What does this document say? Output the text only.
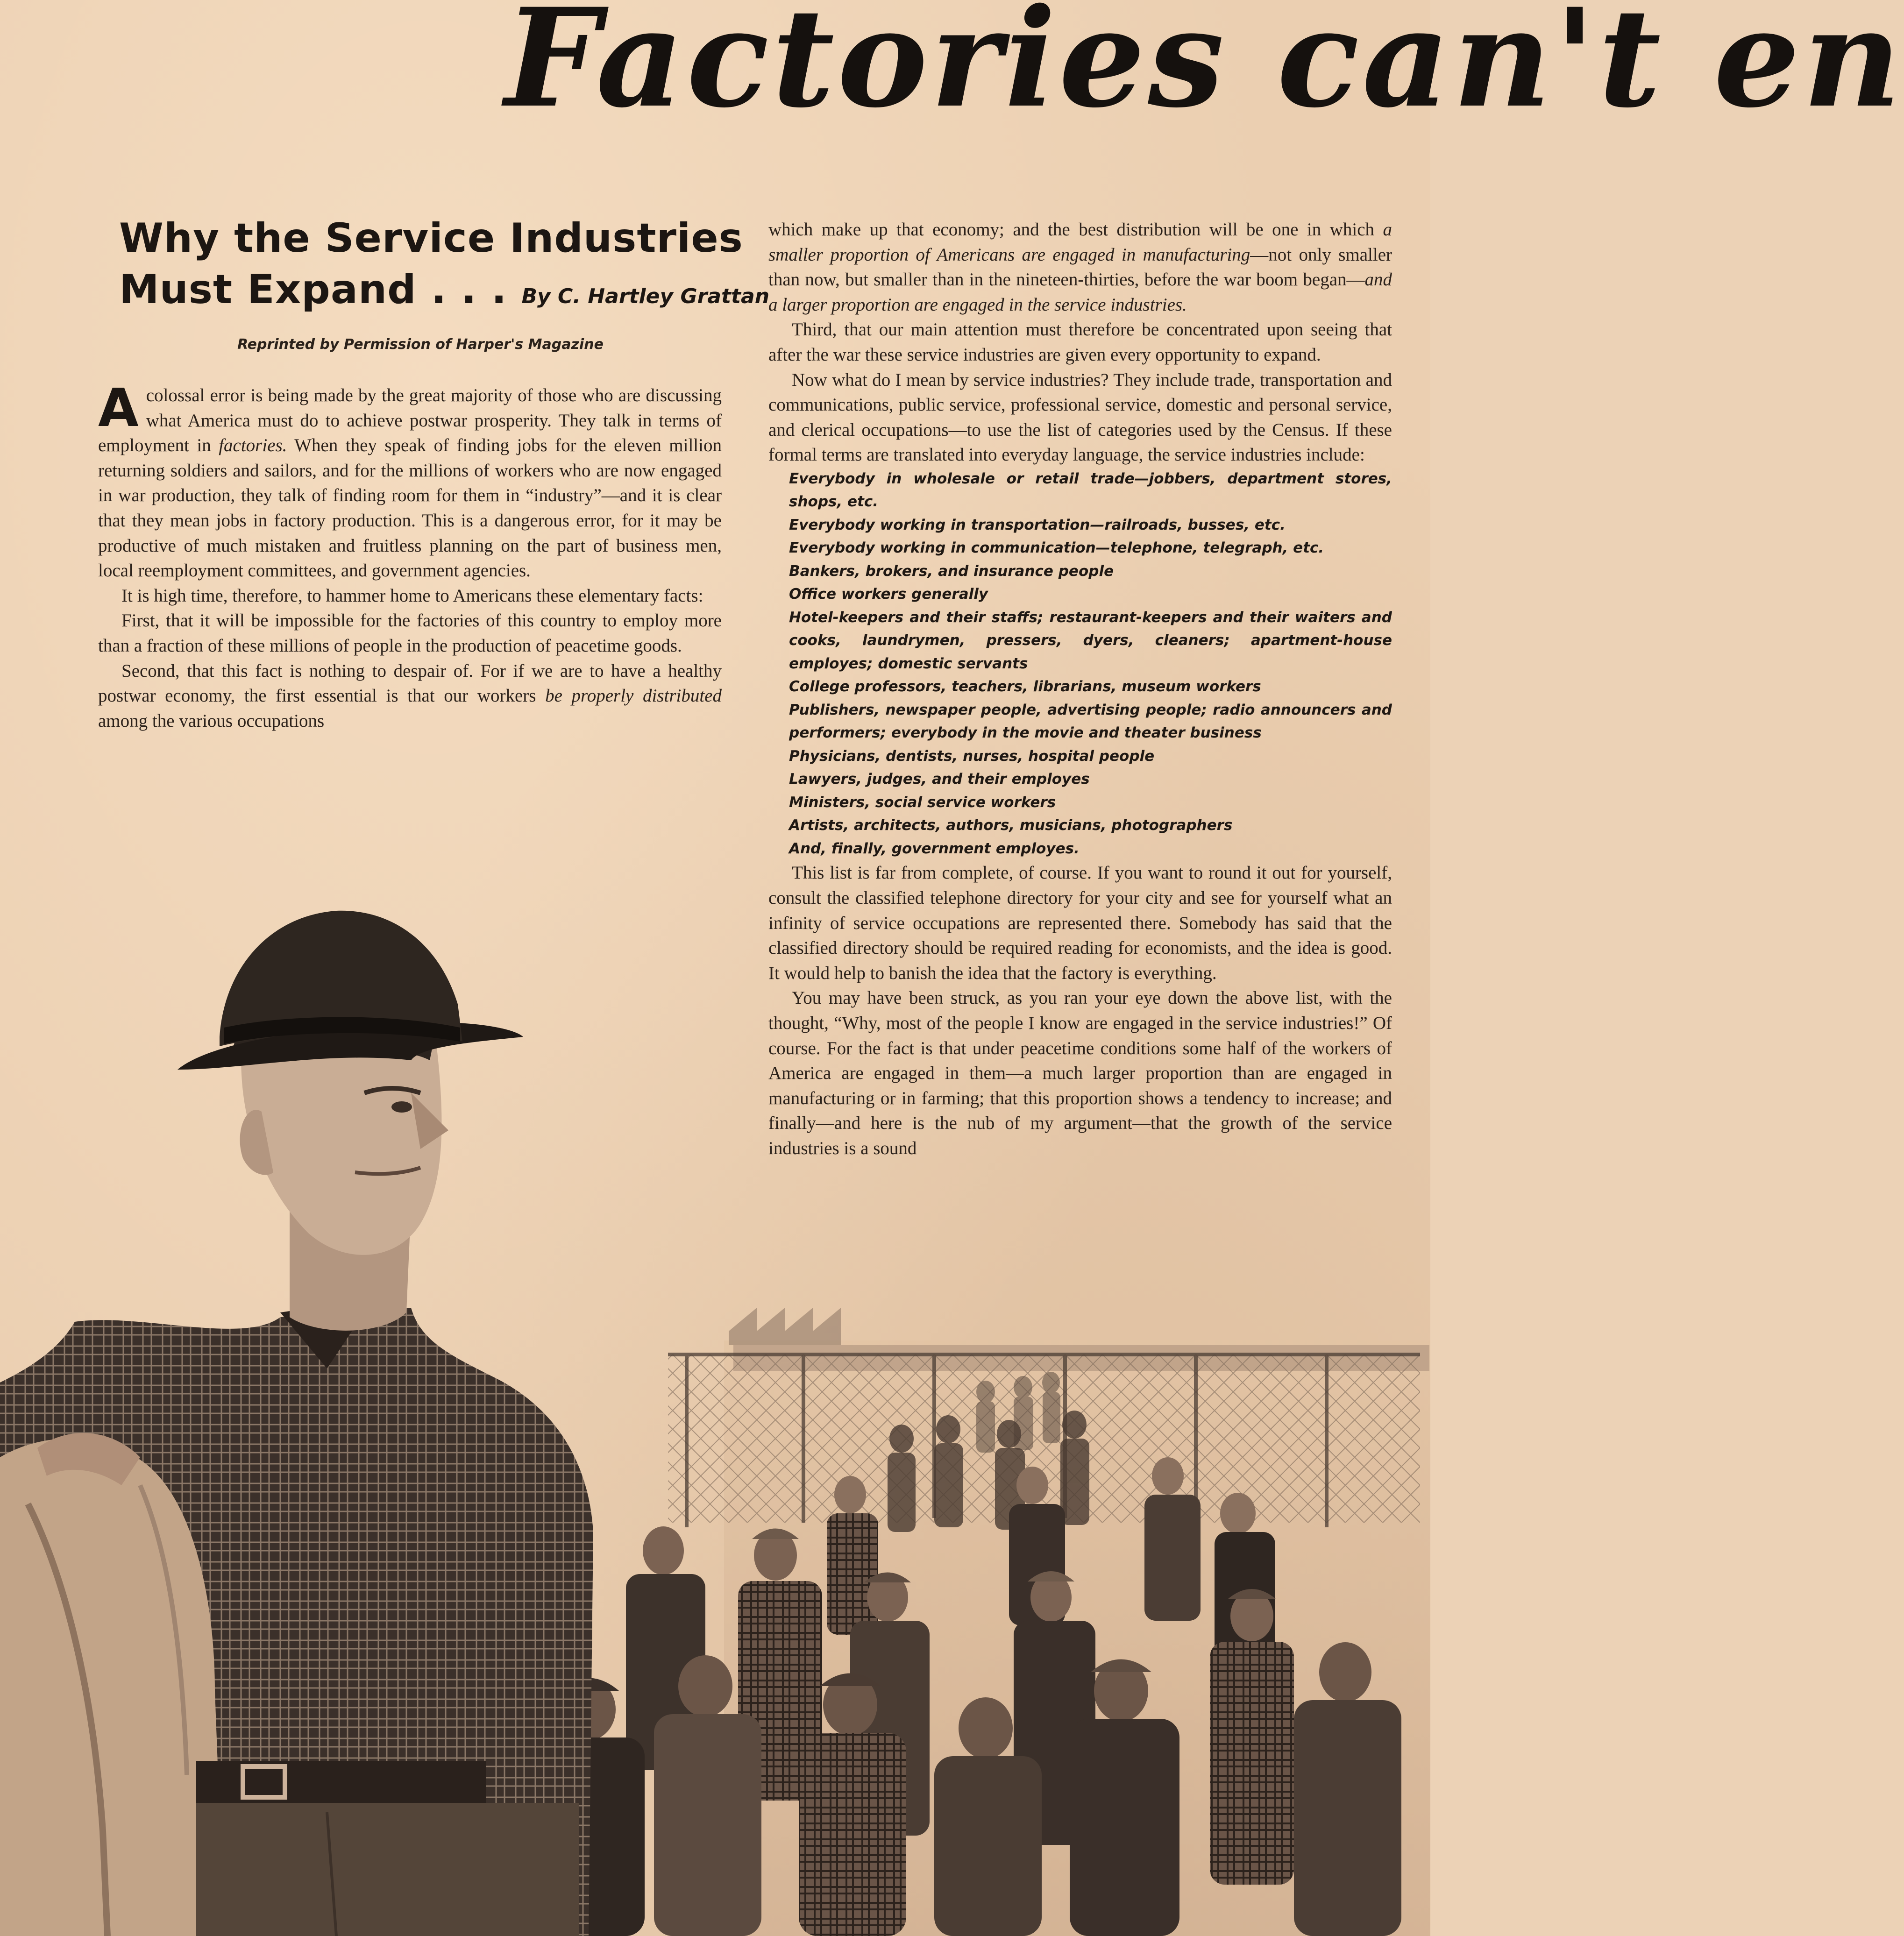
Factories can't en
Why the Service Industries
Must Expand . . . By C. Hartley Grattan
Reprinted by Permission of Harper's Magazine

Acolossal error is being made by the great majority of those who are discussing what America must do to achieve postwar prosperity. They talk in terms of employment in factories. When they speak of finding jobs for the eleven million returning soldiers and sailors, and for the millions of workers who are now engaged in war production, they talk of finding room for them in “industry”—and it is clear that they mean jobs in factory production. This is a dangerous error, for it may be productive of much mistaken and fruitless planning on the part of business men, local reemployment committees, and government agencies.

It is high time, therefore, to hammer home to Americans these elementary facts:

First, that it will be impossible for the factories of this country to employ more than a fraction of these millions of people in the production of peacetime goods.

Second, that this fact is nothing to despair of. For if we are to have a healthy postwar economy, the first essential is that our workers be properly distributed among the various occupations

which make up that economy; and the best distribution will be one in which a smaller proportion of Americans are engaged in manufacturing—not only smaller than now, but smaller than in the nineteen-thirties, before the war boom began—and a larger proportion are engaged in the service industries.

Third, that our main attention must therefore be concentrated upon seeing that after the war these service industries are given every opportunity to expand.

Now what do I mean by service industries? They include trade, transportation and communications, public service, professional service, domestic and personal service, and clerical occupations—to use the list of categories used by the Census. If these formal terms are translated into everyday language, the service industries include:

Everybody in wholesale or retail trade—jobbers, department stores, shops, etc.
Everybody working in transportation—railroads, busses, etc.
Everybody working in communication—telephone, telegraph, etc.
Bankers, brokers, and insurance people
Office workers generally
Hotel-keepers and their staffs; restaurant-keepers and their waiters and cooks, laundrymen, pressers, dyers, cleaners; apartment-house employes; domestic servants
College professors, teachers, librarians, museum workers
Publishers, newspaper people, advertising people; radio announcers and performers; everybody in the movie and theater business
Physicians, dentists, nurses, hospital people
Lawyers, judges, and their employes
Ministers, social service workers
Artists, architects, authors, musicians, photographers
And, finally, government employes.

This list is far from complete, of course. If you want to round it out for yourself, consult the classified telephone directory for your city and see for yourself what an infinity of service occupations are represented there. Somebody has said that the classified directory should be required reading for economists, and the idea is good. It would help to banish the idea that the factory is everything.

You may have been struck, as you ran your eye down the above list, with the thought, “Why, most of the people I know are engaged in the service industries!” Of course. For the fact is that under peacetime conditions some half of the workers of America are engaged in them—a much larger proportion than are engaged in manufacturing or in farming; that this proportion shows a tendency to increase; and finally—and here is the nub of my argument—that the growth of the service industries is a sound
